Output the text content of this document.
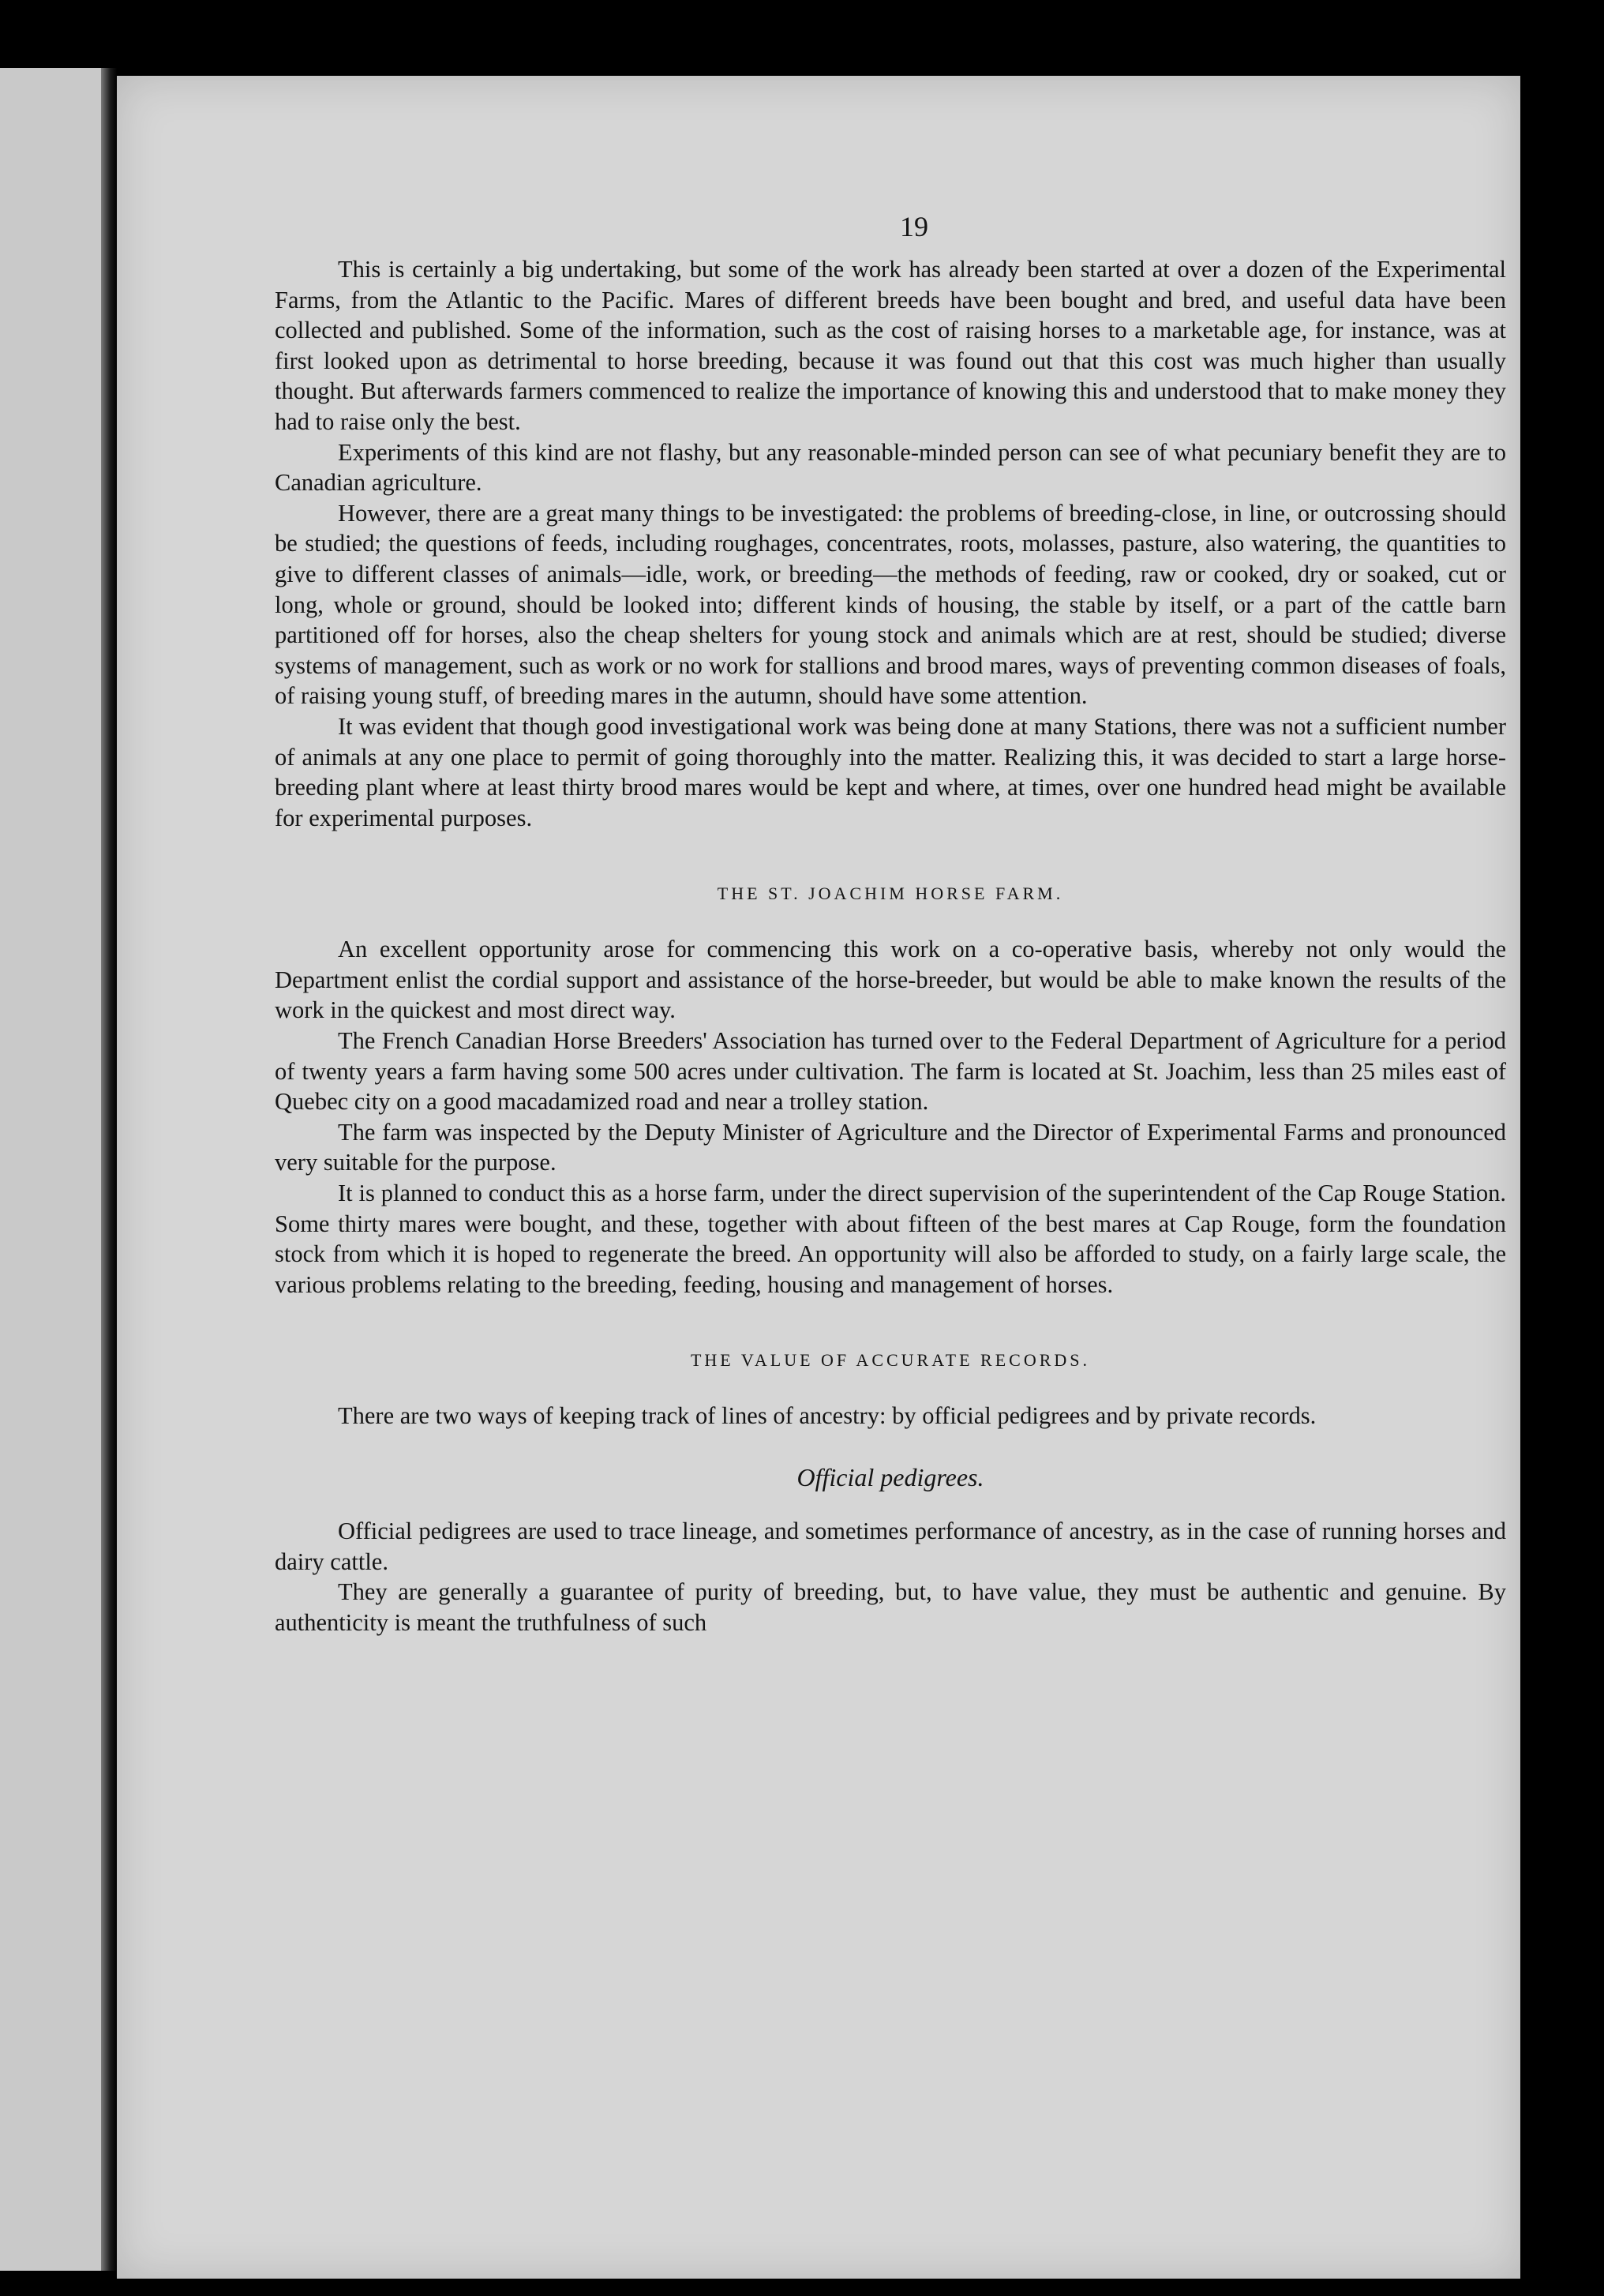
19

This is certainly a big undertaking, but some of the work has already been started at over a dozen of the Experimental Farms, from the Atlantic to the Pacific. Mares of different breeds have been bought and bred, and useful data have been collected and published. Some of the information, such as the cost of raising horses to a marketable age, for instance, was at first looked upon as detrimental to horse breeding, because it was found out that this cost was much higher than usually thought. But afterwards farmers commenced to realize the importance of knowing this and understood that to make money they had to raise only the best.

Experiments of this kind are not flashy, but any reasonable-minded person can see of what pecuniary benefit they are to Canadian agriculture.

However, there are a great many things to be investigated: the problems of breeding-close, in line, or outcrossing should be studied; the questions of feeds, including roughages, concentrates, roots, molasses, pasture, also watering, the quantities to give to different classes of animals—idle, work, or breeding—the methods of feeding, raw or cooked, dry or soaked, cut or long, whole or ground, should be looked into; different kinds of housing, the stable by itself, or a part of the cattle barn partitioned off for horses, also the cheap shelters for young stock and animals which are at rest, should be studied; diverse systems of management, such as work or no work for stallions and brood mares, ways of preventing common diseases of foals, of raising young stuff, of breeding mares in the autumn, should have some attention.

It was evident that though good investigational work was being done at many Stations, there was not a sufficient number of animals at any one place to permit of going thoroughly into the matter. Realizing this, it was decided to start a large horse-breeding plant where at least thirty brood mares would be kept and where, at times, over one hundred head might be available for experimental purposes.

THE ST. JOACHIM HORSE FARM.

An excellent opportunity arose for commencing this work on a co-operative basis, whereby not only would the Department enlist the cordial support and assistance of the horse-breeder, but would be able to make known the results of the work in the quickest and most direct way.

The French Canadian Horse Breeders' Association has turned over to the Federal Department of Agriculture for a period of twenty years a farm having some 500 acres under cultivation. The farm is located at St. Joachim, less than 25 miles east of Quebec city on a good macadamized road and near a trolley station.

The farm was inspected by the Deputy Minister of Agriculture and the Director of Experimental Farms and pronounced very suitable for the purpose.

It is planned to conduct this as a horse farm, under the direct supervision of the superintendent of the Cap Rouge Station. Some thirty mares were bought, and these, together with about fifteen of the best mares at Cap Rouge, form the foundation stock from which it is hoped to regenerate the breed. An opportunity will also be afforded to study, on a fairly large scale, the various problems relating to the breeding, feeding, housing and management of horses.

THE VALUE OF ACCURATE RECORDS.

There are two ways of keeping track of lines of ancestry: by official pedigrees and by private records.

Official pedigrees.

Official pedigrees are used to trace lineage, and sometimes performance of ancestry, as in the case of running horses and dairy cattle.

They are generally a guarantee of purity of breeding, but, to have value, they must be authentic and genuine. By authenticity is meant the truthfulness of such
